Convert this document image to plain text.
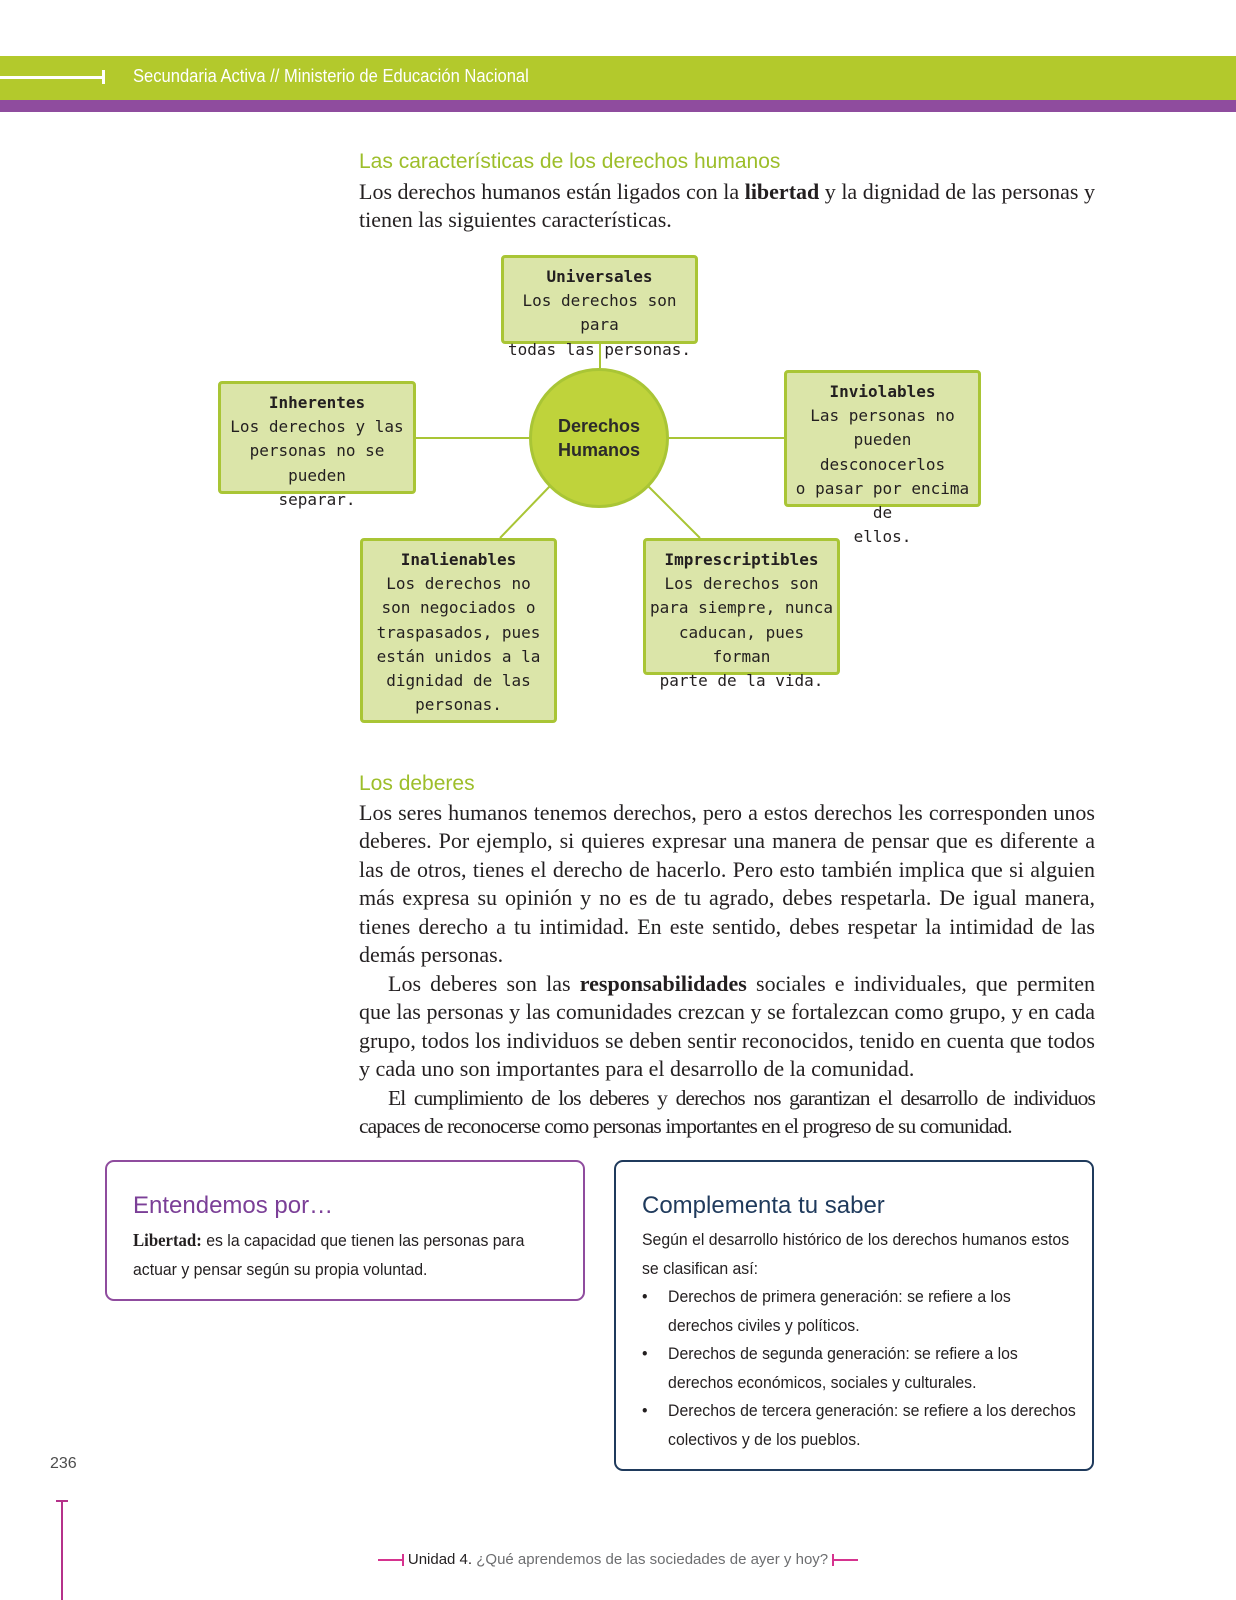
Secundaria Activa // Ministerio de Educación Nacional
Las características de los derechos humanos

Los derechos humanos están ligados con la libertad y la dignidad de las personas y tienen las siguientes características.

Derechos
Humanos
Universales
Los derechos son para
todas las personas.
Inherentes
Los derechos y las
personas no se pueden
separar.
Inviolables
Las personas no
pueden desconocerlos
o pasar por encima de
ellos.
Inalienables
Los derechos no
son negociados o
traspasados, pues
están unidos a la
dignidad de las
personas.
Imprescriptibles
Los derechos son
para siempre, nunca
caducan, pues forman
parte de la vida.
Los deberes

Los seres humanos tenemos derechos, pero a estos derechos les corresponden unos deberes. Por ejemplo, si quieres expresar una manera de pensar que es diferente a las de otros, tienes el derecho de hacerlo. Pero esto también implica que si alguien más expresa su opinión y no es de tu agrado, debes respetarla. De igual manera, tienes derecho a tu intimidad. En este sentido, debes respetar la intimidad de las demás personas.

Los deberes son las responsabilidades sociales e individuales, que permiten que las personas y las comunidades crezcan y se fortalezcan como grupo, y en cada grupo, todos los individuos se deben sentir reconocidos, tenido en cuenta que todos y cada uno son importantes para el desarrollo de la comunidad.

El cumplimiento de los deberes y derechos nos garantizan el desarrollo de individuos capaces de reconocerse como personas importantes en el progreso de su comunidad.

Entendemos por…
Libertad: es la capacidad que tienen las personas para actuar y pensar según su propia voluntad.
Complementa tu saber
Según el desarrollo histórico de los derechos humanos estos se clasifican así:
• Derechos de primera generación: se refiere a los derechos civiles y políticos.
• Derechos de segunda generación: se refiere a los derechos económicos, sociales y culturales.
• Derechos de tercera generación: se refiere a los derechos colectivos y de los pueblos.
236
Unidad 4. ¿Qué aprendemos de las sociedades de ayer y hoy?
